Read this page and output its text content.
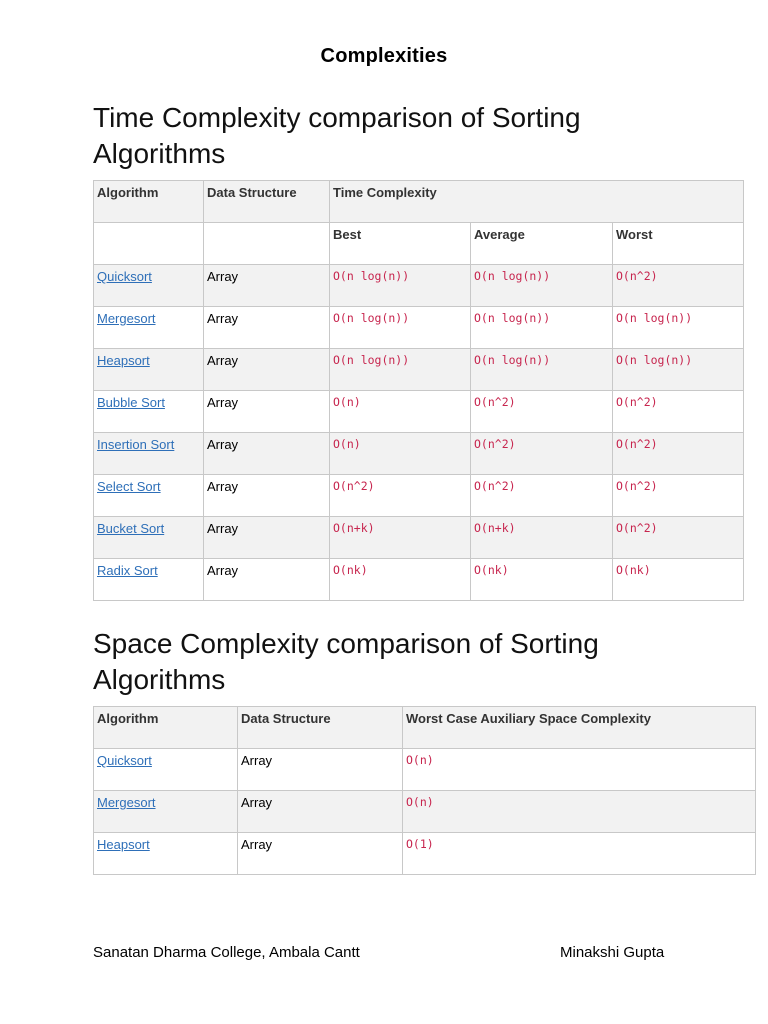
Complexities
Time Complexity comparison of Sorting Algorithms
Algorithm	Data Structure	Time Complexity		
		Best	Average	Worst
Quicksort	Array	O(n log(n))	O(n log(n))	O(n^2)
Mergesort	Array	O(n log(n))	O(n log(n))	O(n log(n))
Heapsort	Array	O(n log(n))	O(n log(n))	O(n log(n))
Bubble Sort	Array	O(n)	O(n^2)	O(n^2)
Insertion Sort	Array	O(n)	O(n^2)	O(n^2)
Select Sort	Array	O(n^2)	O(n^2)	O(n^2)
Bucket Sort	Array	O(n+k)	O(n+k)	O(n^2)
Radix Sort	Array	O(nk)	O(nk)	O(nk)
Space Complexity comparison of Sorting Algorithms
Algorithm	Data Structure	Worst Case Auxiliary Space Complexity
Quicksort	Array	O(n)
Mergesort	Array	O(n)
Heapsort	Array	O(1)
Sanatan Dharma College, Ambala Cantt	Minakshi Gupta
